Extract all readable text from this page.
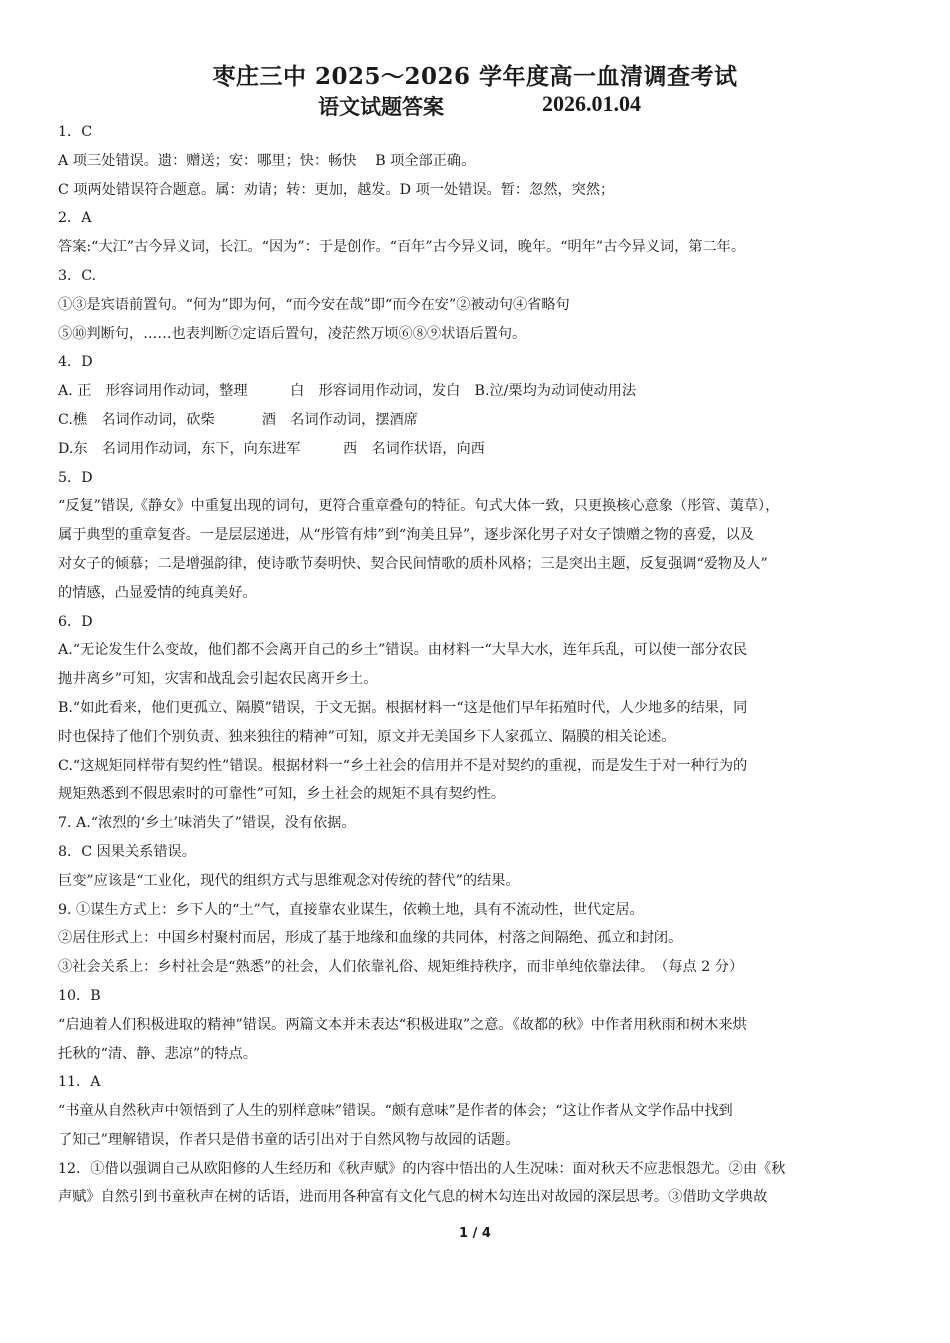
枣庄三中 2025～2026 学年度高一血清调查考试
语文试题答案	2026.01.04

1．C

A 项三处错误。遗：赠送；安：哪里；快：畅快　 B 项全部正确。

C 项两处错误符合题意。属：劝请；转：更加，越发。D 项一处错误。暂：忽然，突然；

2．A

答案:“大江”古今异义词，长江。“因为”：于是创作。“百年”古今异义词，晚年。“明年”古今异义词，第二年。

3．C.

①③是宾语前置句。“何为”即为何，“而今安在哉”即“而今在安”②被动句④省略句

⑤⑩判断句，……也表判断⑦定语后置句，凌茫然万顷⑥⑧⑨状语后置句。

4．D

A. 正　形容词用作动词，整理　　　白　形容词用作动词，发白　B.泣/栗均为动词使动用法

C.樵　名词作动词，砍柴　　　 酒　名词作动词，摆酒席

D.东　名词用作动词，东下，向东进军　　　西　名词作状语，向西

5．D

“反复”错误,《静女》中重复出现的词句，更符合重章叠句的特征。句式大体一致，只更换核心意象（彤管、荑草），

属于典型的重章复沓。一是层层递进，从“彤管有炜”到“洵美且异”，逐步深化男子对女子馈赠之物的喜爱，以及

对女子的倾慕；二是增强韵律，使诗歌节奏明快、契合民间情歌的质朴风格；三是突出主题，反复强调“爱物及人”

的情感，凸显爱情的纯真美好。

6．D

A.“无论发生什么变故，他们都不会离开自己的乡土”错误。由材料一“大旱大水，连年兵乱，可以使一部分农民

抛井离乡”可知，灾害和战乱会引起农民离开乡土。

B.“如此看来，他们更孤立、隔膜”错误，于文无据。根据材料一“这是他们早年拓殖时代，人少地多的结果，同

时也保持了他们个别负责、独来独往的精神”可知，原文并无美国乡下人家孤立、隔膜的相关论述。

C.“这规矩同样带有契约性”错误。根据材料一“乡土社会的信用并不是对契约的重视，而是发生于对一种行为的

规矩熟悉到不假思索时的可靠性”可知，乡土社会的规矩不具有契约性。

7. A.“浓烈的‘乡土’味消失了”错误，没有依据。

8．C 因果关系错误。

巨变”应该是“工业化，现代的组织方式与思维观念对传统的替代”的结果。

9. ①谋生方式上：乡下人的“土”气，直接靠农业谋生，依赖土地，具有不流动性，世代定居。

②居住形式上：中国乡村聚村而居，形成了基于地缘和血缘的共同体，村落之间隔绝、孤立和封闭。

③社会关系上：乡村社会是“熟悉”的社会，人们依靠礼俗、规矩维持秩序，而非单纯依靠法律。　（每点 2 分）

10．B

“启迪着人们积极进取的精神”错误。两篇文本并未表达“积极进取”之意。《故都的秋》中作者用秋雨和树木来烘

托秋的“清、静、悲凉”的特点。

11．A

“书童从自然秋声中领悟到了人生的别样意味”错误。“颇有意味”是作者的体会；“这让作者从文学作品中找到

了知己”理解错误，作者只是借书童的话引出对于自然风物与故园的话题。

12．①借以强调自己从欧阳修的人生经历和《秋声赋》的内容中悟出的人生况味：面对秋天不应悲恨怨尤。②由《秋

声赋》自然引到书童秋声在树的话语，进而用各种富有文化气息的树木勾连出对故园的深层思考。③借助文学典故

1 / 4
